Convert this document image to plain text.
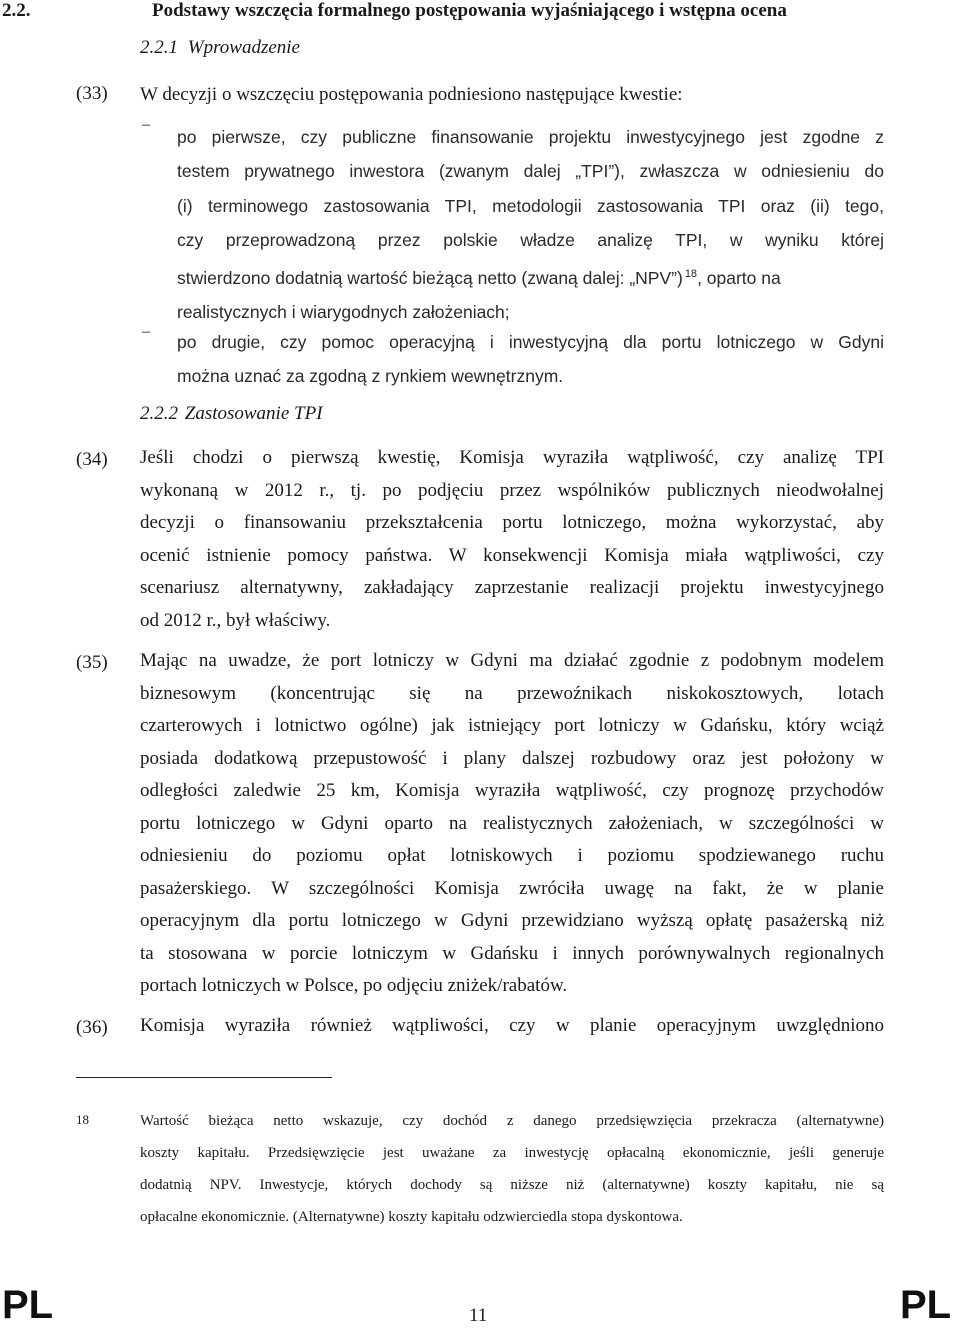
2.2.	Podstawy wszczęcia formalnego postępowania wyjaśniającego i wstępna ocena
2.2.1 Wprowadzenie
(33) W decyzji o wszczęciu postępowania podniesiono następujące kwestie:
–
po pierwsze, czy publiczne finansowanie projektu inwestycyjnego jest zgodne z
testem prywatnego inwestora (zwanym dalej „TPI”), zwłaszcza w odniesieniu do
(i) terminowego zastosowania TPI, metodologii zastosowania TPI oraz (ii) tego,
czy przeprowadzoną przez polskie władze analizę TPI, w wyniku której
stwierdzono dodatnią wartość bieżącą netto (zwaną dalej: „NPV”) $^{18}$, oparto na
realistycznych i wiarygodnych założeniach;
–
po drugie, czy pomoc operacyjną i inwestycyjną dla portu lotniczego w Gdyni
można uznać za zgodną z rynkiem wewnętrznym.
2.2.2 Zastosowanie TPI
(34) Jeśli chodzi o pierwszą kwestię, Komisja wyraziła wątpliwość, czy analizę TPI
wykonaną w 2012 r., tj. po podjęciu przez wspólników publicznych nieodwołalnej
decyzji o finansowaniu przekształcenia portu lotniczego, można wykorzystać, aby
ocenić istnienie pomocy państwa. W konsekwencji Komisja miała wątpliwości, czy
scenariusz alternatywny, zakładający zaprzestanie realizacji projektu inwestycyjnego
od 2012 r., był właściwy.
(35) Mając na uwadze, że port lotniczy w Gdyni ma działać zgodnie z podobnym modelem
biznesowym (koncentrując się na przewoźnikach niskokosztowych, lotach
czarterowych i lotnictwo ogólne) jak istniejący port lotniczy w Gdańsku, który wciąż
posiada dodatkową przepustowość i plany dalszej rozbudowy oraz jest położony w
odległości zaledwie 25 km, Komisja wyraziła wątpliwość, czy prognozę przychodów
portu lotniczego w Gdyni oparto na realistycznych założeniach, w szczególności w
odniesieniu do poziomu opłat lotniskowych i poziomu spodziewanego ruchu
pasażerskiego. W szczególności Komisja zwróciła uwagę na fakt, że w planie
operacyjnym dla portu lotniczego w Gdyni przewidziano wyższą opłatę pasażerską niż
ta stosowana w porcie lotniczym w Gdańsku i innych porównywalnych regionalnych
portach lotniczych w Polsce, po odjęciu zniżek/rabatów.
(36) Komisja wyraziła również wątpliwości, czy w planie operacyjnym uwzględniono
18	Wartość bieżąca netto wskazuje, czy dochód z danego przedsięwzięcia przekracza (alternatywne)
koszty kapitału. Przedsięwzięcie jest uważane za inwestycję opłacalną ekonomicznie, jeśli generuje
dodatnią NPV. Inwestycje, których dochody są niższe niż (alternatywne) koszty kapitału, nie są
opłacalne ekonomicznie. (Alternatywne) koszty kapitału odzwierciedla stopa dyskontowa.
PL	11	PL
